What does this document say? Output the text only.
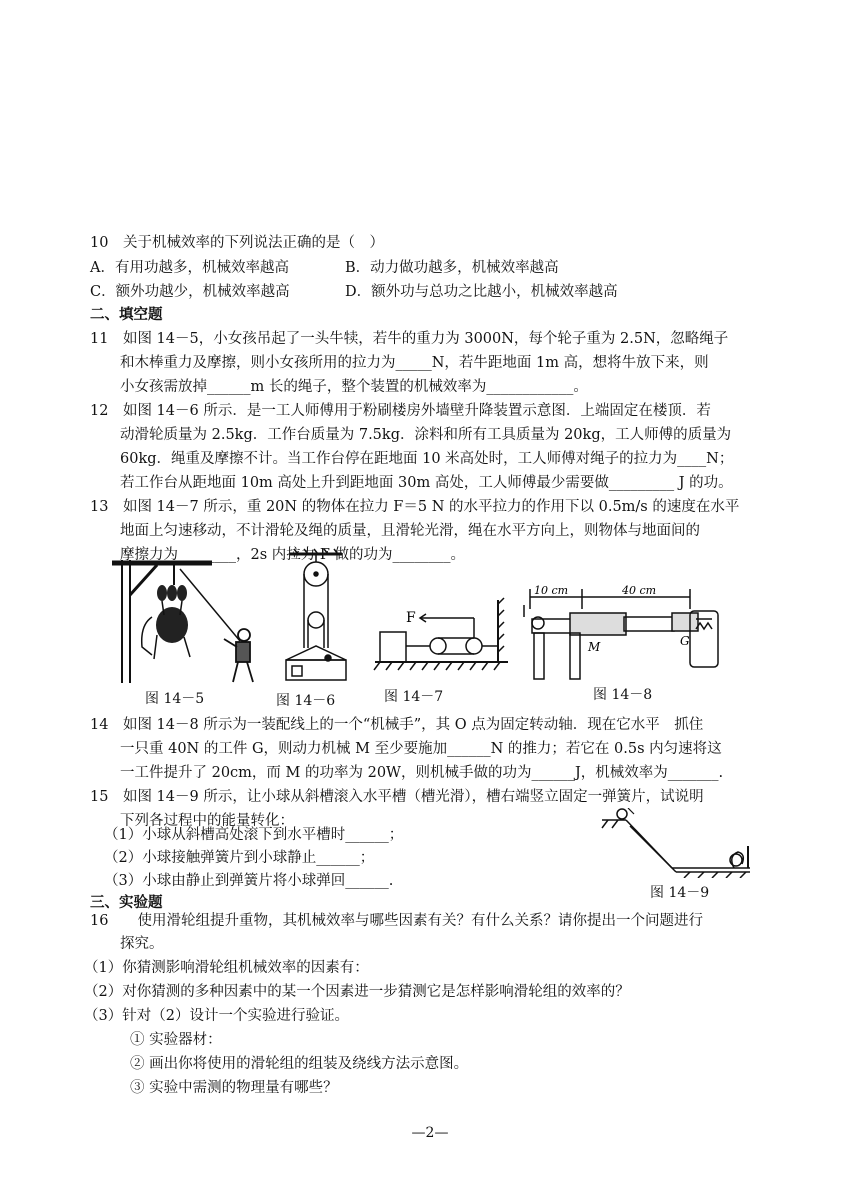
10　关于机械效率的下列说法正确的是（　）
A．有用功越多，机械效率越高	B．动力做功越多，机械效率越高
C．额外功越少，机械效率越高	D．额外功与总功之比越小，机械效率越高
二、填空题
11　如图 14－5，小女孩吊起了一头牛犊，若牛的重力为 3000N，每个轮子重为 2.5N，忽略绳子
和木棒重力及摩擦，则小女孩所用的拉力为_____N，若牛距地面 1m 高，想将牛放下来，则
小女孩需放掉______m 长的绳子，整个装置的机械效率为____________。
12　如图 14－6 所示．是一工人师傅用于粉刷楼房外墙壁升降装置示意图．上端固定在楼顶．若
动滑轮质量为 2.5kg．工作台质量为 7.5kg．涂料和所有工具质量为 20kg，工人师傅的质量为
60kg．绳重及摩擦不计。当工作台停在距地面 10 米高处时，工人师傅对绳子的拉力为____N；
若工作台从距地面 10m 高处上升到距地面 30m 高处，工人师傅最少需要做_________ J 的功。
13　如图 14－7 所示，重 20N 的物体在拉力 F＝5 N 的水平拉力的作用下以 0.5m/s 的速度在水平
地面上匀速移动，不计滑轮及绳的质量，且滑轮光滑，绳在水平方向上，则物体与地面间的
摩擦力为________，2s 内拉力 F 做的功为________。
图 14－5	图 14－6
F
图 14－7
10 cm	40 cm
M	G
图 14－8
14　如图 14－8 所示为一装配线上的一个“机械手”，其 O 点为固定转动轴．现在它水平　抓住
一只重 40N 的工件 G，则动力机械 M 至少要施加______N 的推力；若它在 0.5s 内匀速将这
一工件提升了 20cm，而 M 的功率为 20W，则机械手做的功为______J，机械效率为_______.
15　如图 14－9 所示，让小球从斜槽滚入水平槽（槽光滑），槽右端竖立固定一弹簧片，试说明
下列各过程中的能量转化：
（1）小球从斜槽高处滚下到水平槽时______；
（2）小球接触弹簧片到小球静止______；
（3）小球由静止到弹簧片将小球弹回______.
图 14－9
三、实验题
16　　使用滑轮组提升重物，其机械效率与哪些因素有关？有什么关系？请你提出一个问题进行
探究。
（1）你猜测影响滑轮组机械效率的因素有：
（2）对你猜测的多种因素中的某一个因素进一步猜测它是怎样影响滑轮组的效率的？
（3）针对（2）设计一个实验进行验证。
① 实验器材：
② 画出你将使用的滑轮组的组装及绕线方法示意图。
③ 实验中需测的物理量有哪些？
—2—
